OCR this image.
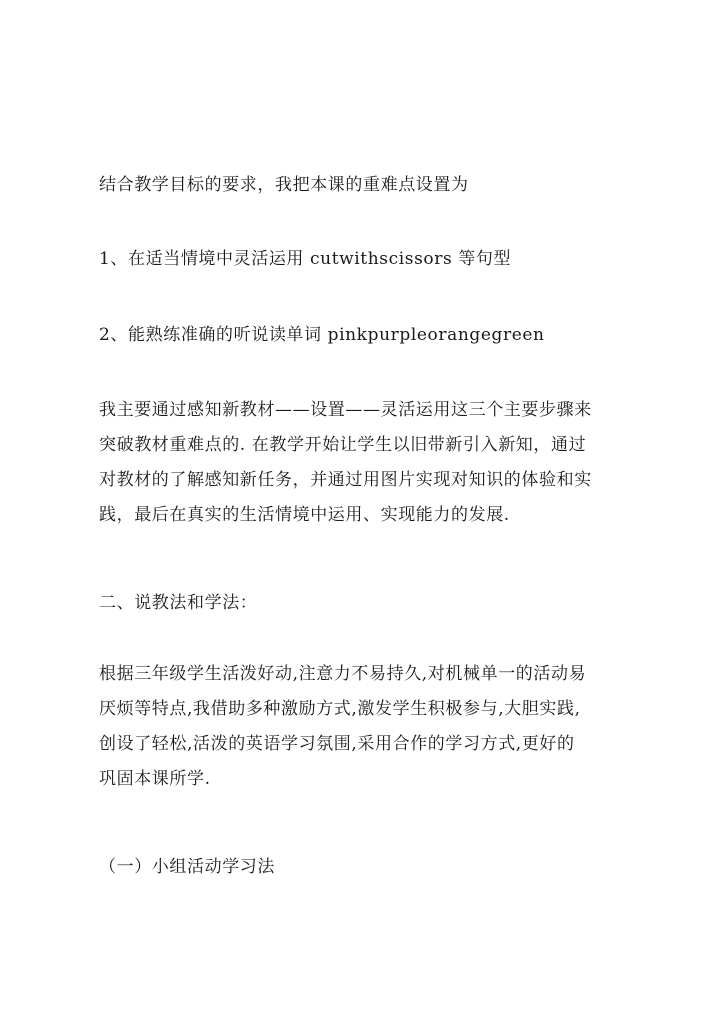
结合教学目标的要求，我把本课的重难点设置为

1、在适当情境中灵活运用 cutwithscissors 等句型

2、能熟练准确的听说读单词 pinkpurpleorangegreen

我主要通过感知新教材——设置——灵活运用这三个主要步骤来
突破教材重难点的. 在教学开始让学生以旧带新引入新知，通过
对教材的了解感知新任务，并通过用图片实现对知识的体验和实
践，最后在真实的生活情境中运用、实现能力的发展.

二、说教法和学法：

根据三年级学生活泼好动,注意力不易持久,对机械单一的活动易
厌烦等特点,我借助多种激励方式,激发学生积极参与,大胆实践,
创设了轻松,活泼的英语学习氛围,采用合作的学习方式,更好的
巩固本课所学.

（一）小组活动学习法
